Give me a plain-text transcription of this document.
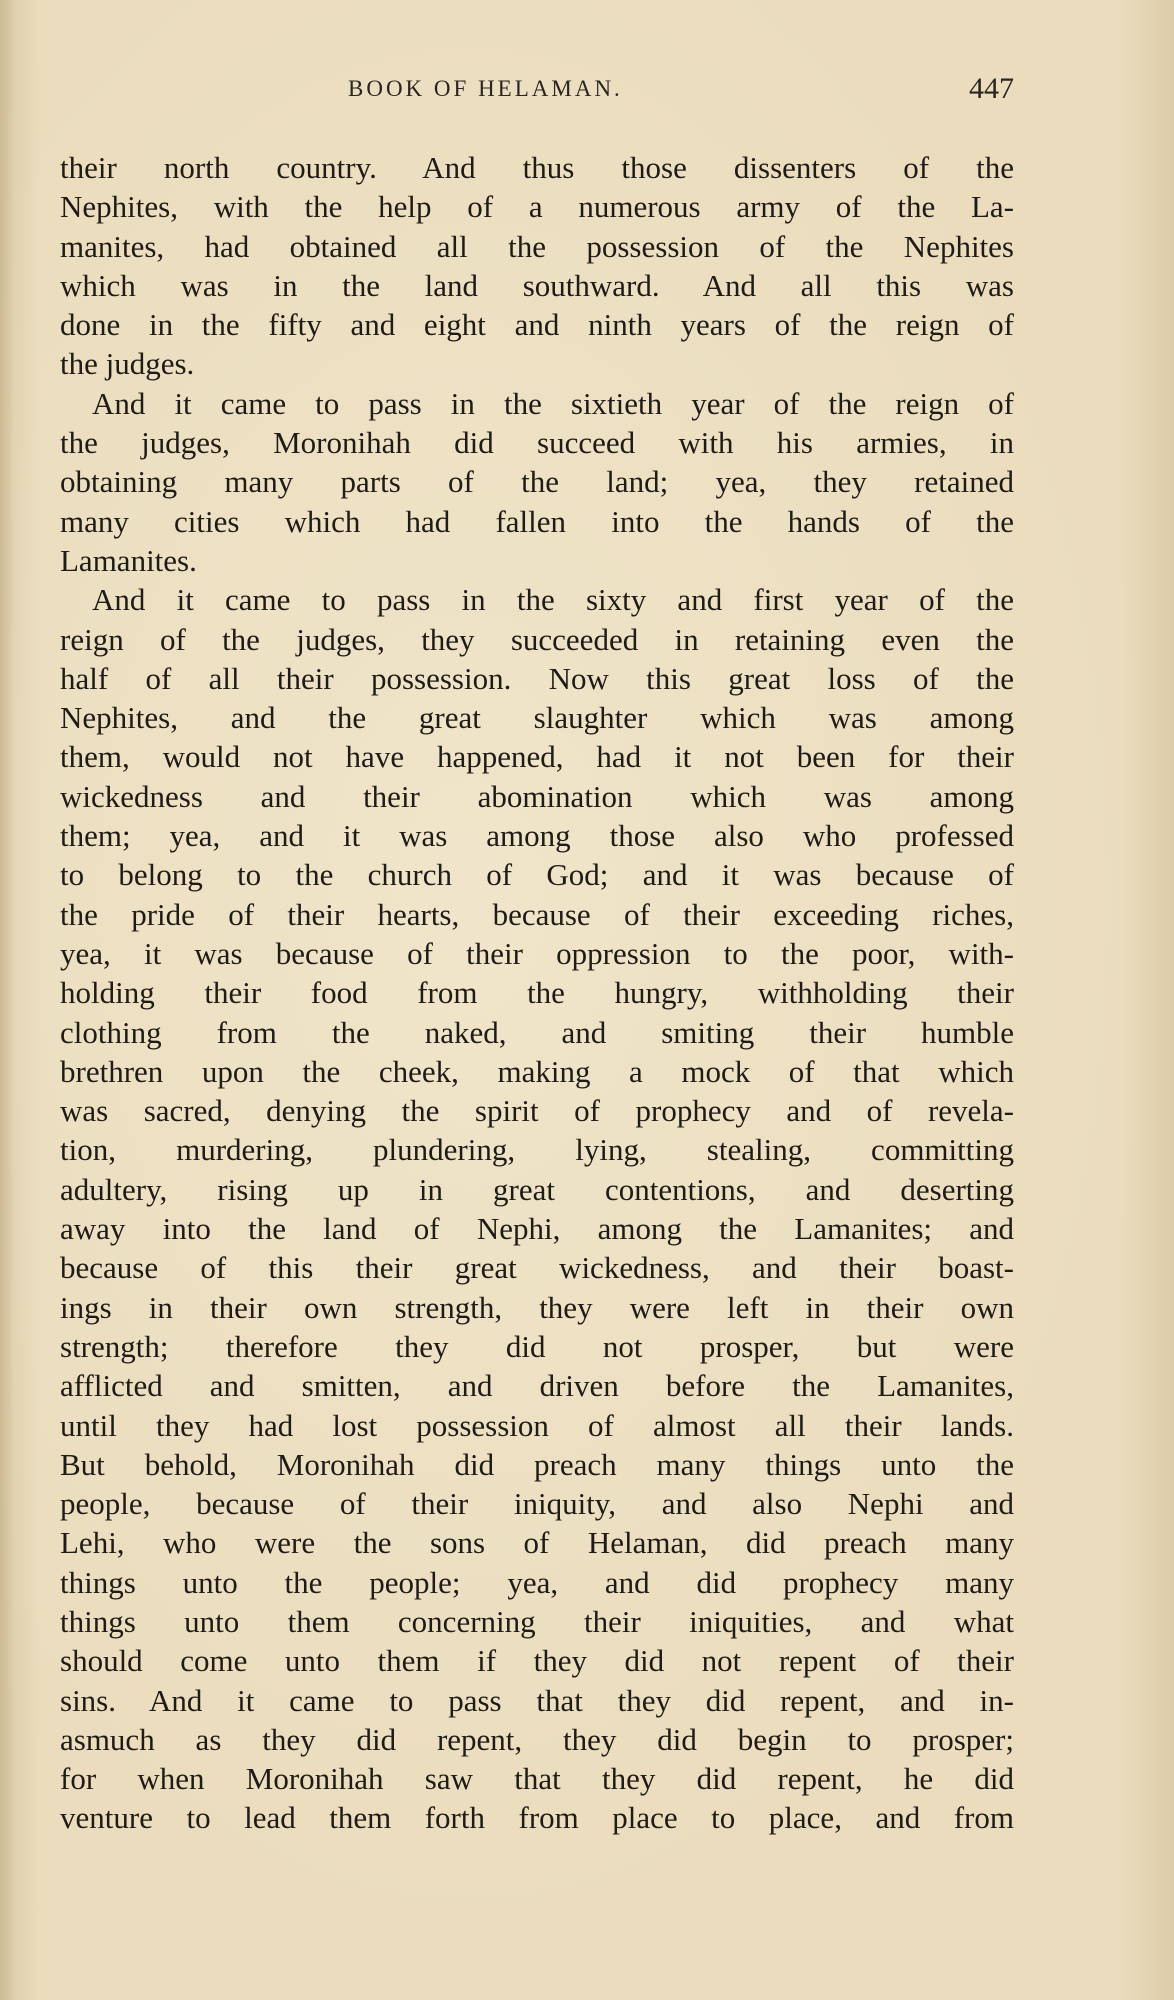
BOOK OF HELAMAN.	447
their north country. And thus those dissenters of the
Nephites, with the help of a numerous army of the La-
manites, had obtained all the possession of the Nephites
which was in the land southward. And all this was
done in the fifty and eight and ninth years of the reign of
the judges.
And it came to pass in the sixtieth year of the reign of
the judges, Moronihah did succeed with his armies, in
obtaining many parts of the land; yea, they retained
many cities which had fallen into the hands of the
Lamanites.
And it came to pass in the sixty and first year of the
reign of the judges, they succeeded in retaining even the
half of all their possession. Now this great loss of the
Nephites, and the great slaughter which was among
them, would not have happened, had it not been for their
wickedness and their abomination which was among
them; yea, and it was among those also who professed
to belong to the church of God; and it was because of
the pride of their hearts, because of their exceeding riches,
yea, it was because of their oppression to the poor, with-
holding their food from the hungry, withholding their
clothing from the naked, and smiting their humble
brethren upon the cheek, making a mock of that which
was sacred, denying the spirit of prophecy and of revela-
tion, murdering, plundering, lying, stealing, committing
adultery, rising up in great contentions, and deserting
away into the land of Nephi, among the Lamanites; and
because of this their great wickedness, and their boast-
ings in their own strength, they were left in their own
strength; therefore they did not prosper, but were
afflicted and smitten, and driven before the Lamanites,
until they had lost possession of almost all their lands.
But behold, Moronihah did preach many things unto the
people, because of their iniquity, and also Nephi and
Lehi, who were the sons of Helaman, did preach many
things unto the people; yea, and did prophecy many
things unto them concerning their iniquities, and what
should come unto them if they did not repent of their
sins. And it came to pass that they did repent, and in-
asmuch as they did repent, they did begin to prosper;
for when Moronihah saw that they did repent, he did
venture to lead them forth from place to place, and from
